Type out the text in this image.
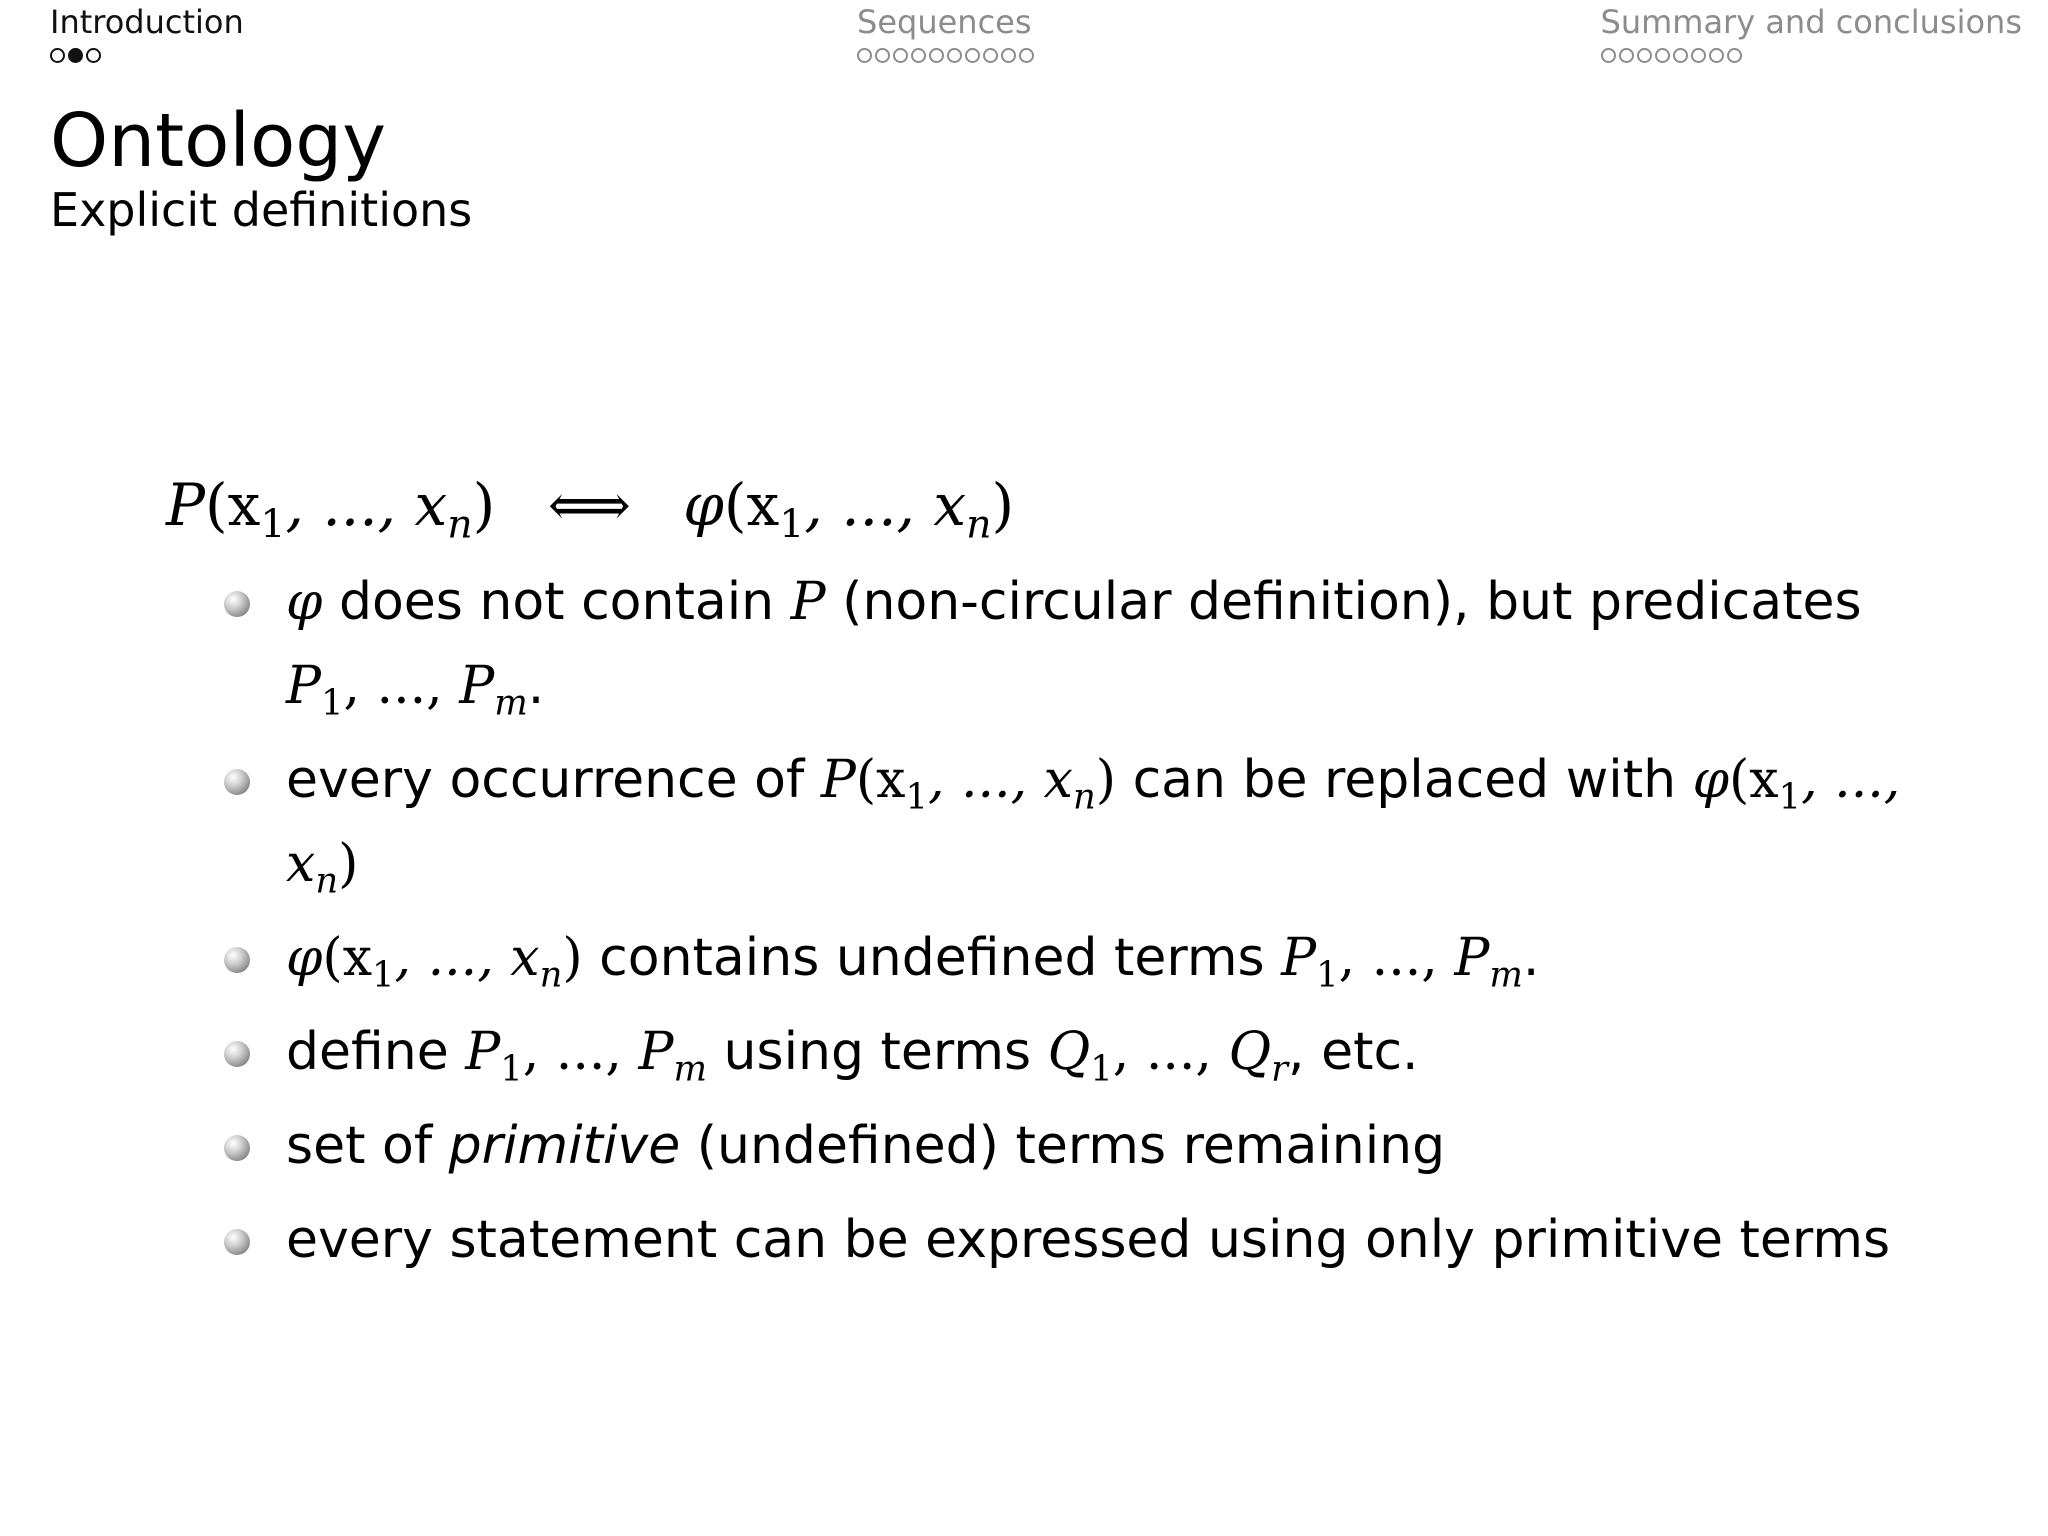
Introduction	Sequences	Summary and conclusions
Ontology
Explicit definitions
$P(x_1$, ..., $x_n$) ⟺ $\varphi(x_1$, ..., $x_n$)
φ does not contain P (non-circular definition), but predicates $P_1$, ..., $P_m$.
every occurrence of $P(x_1$, ..., $x_n$) can be replaced with $\varphi(x_1$, ..., $x_n$)
$\varphi(x_1$, ..., $x_n$) contains undefined terms $P_1$, ..., $P_m$.
define $P_1$, ..., $P_m$ using terms $Q_1$, ..., $Q_r$, etc.
set of primitive (undefined) terms remaining
every statement can be expressed using only primitive terms
